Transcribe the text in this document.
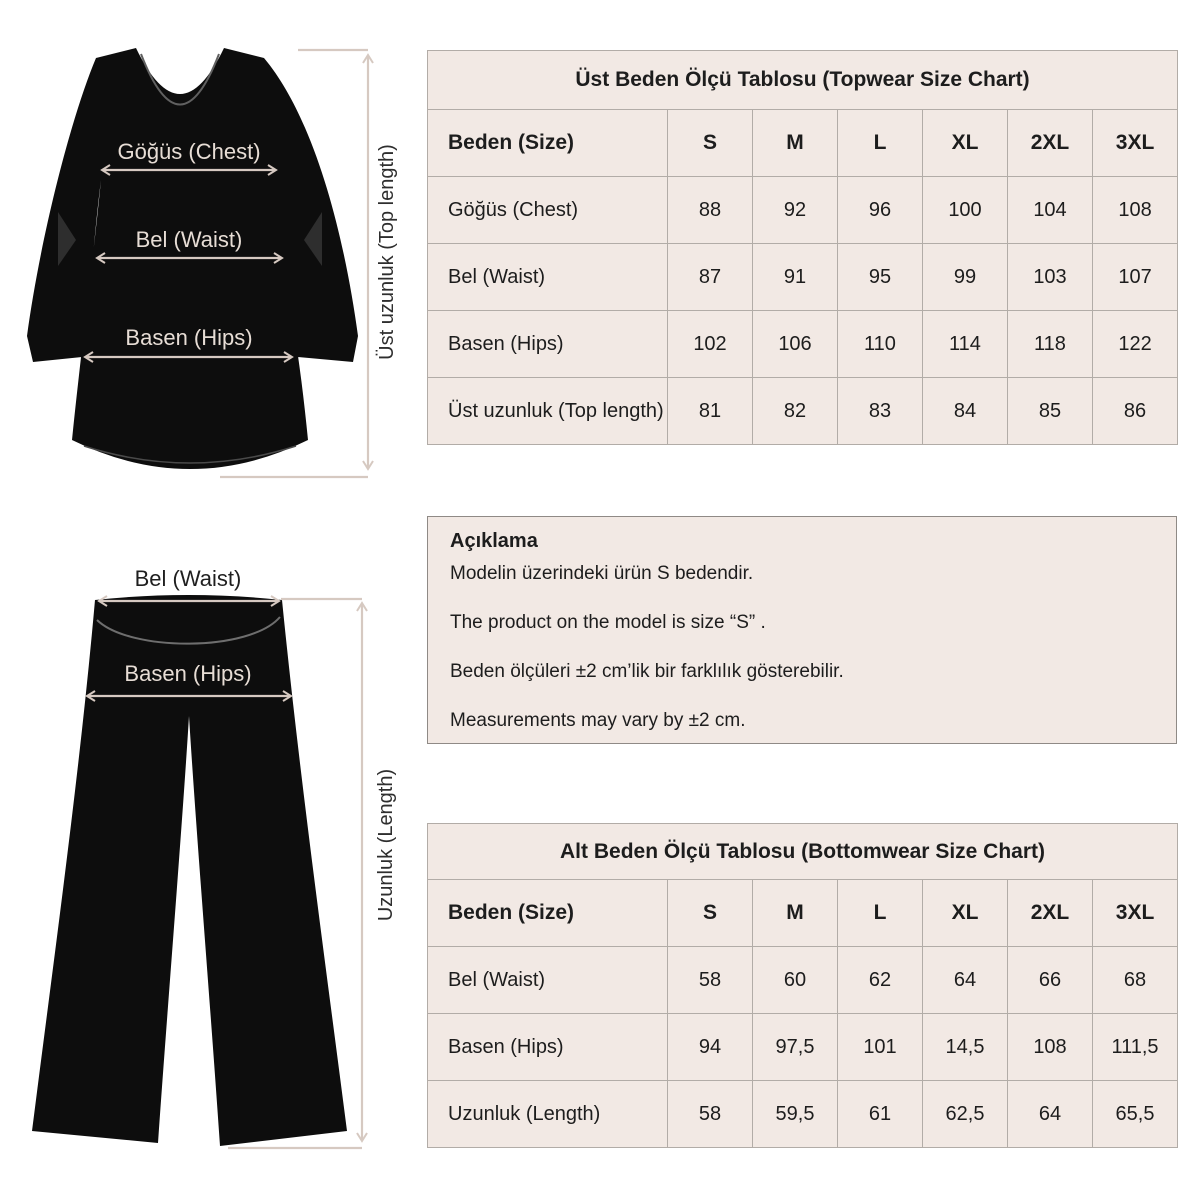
Göğüs (Chest)
Bel (Waist)
Basen (Hips)	Üst uzunluk (Top length)
Bel (Waist)
Basen (Hips)
Uzunluk (Length)
Üst Beden Ölçü Tablosu (Topwear Size Chart)						
Beden (Size)	S	M	L	XL	2XL	3XL
Göğüs (Chest)	88	92	96	100	104	108
Bel (Waist)	87	91	95	99	103	107
Basen (Hips)	102	106	110	114	118	122
Üst uzunluk (Top length)	81	82	83	84	85	86
Açıklama

Modelin üzerindeki ürün S bedendir.

The product on the model is size “S” .

Beden ölçüleri ±2 cm’lik bir farklılık gösterebilir.

Measurements may vary by ±2 cm.

Alt Beden Ölçü Tablosu (Bottomwear Size Chart)						
Beden (Size)	S	M	L	XL	2XL	3XL
Bel (Waist)	58	60	62	64	66	68
Basen (Hips)	94	97,5	101	14,5	108	111,5
Uzunluk (Length)	58	59,5	61	62,5	64	65,5
